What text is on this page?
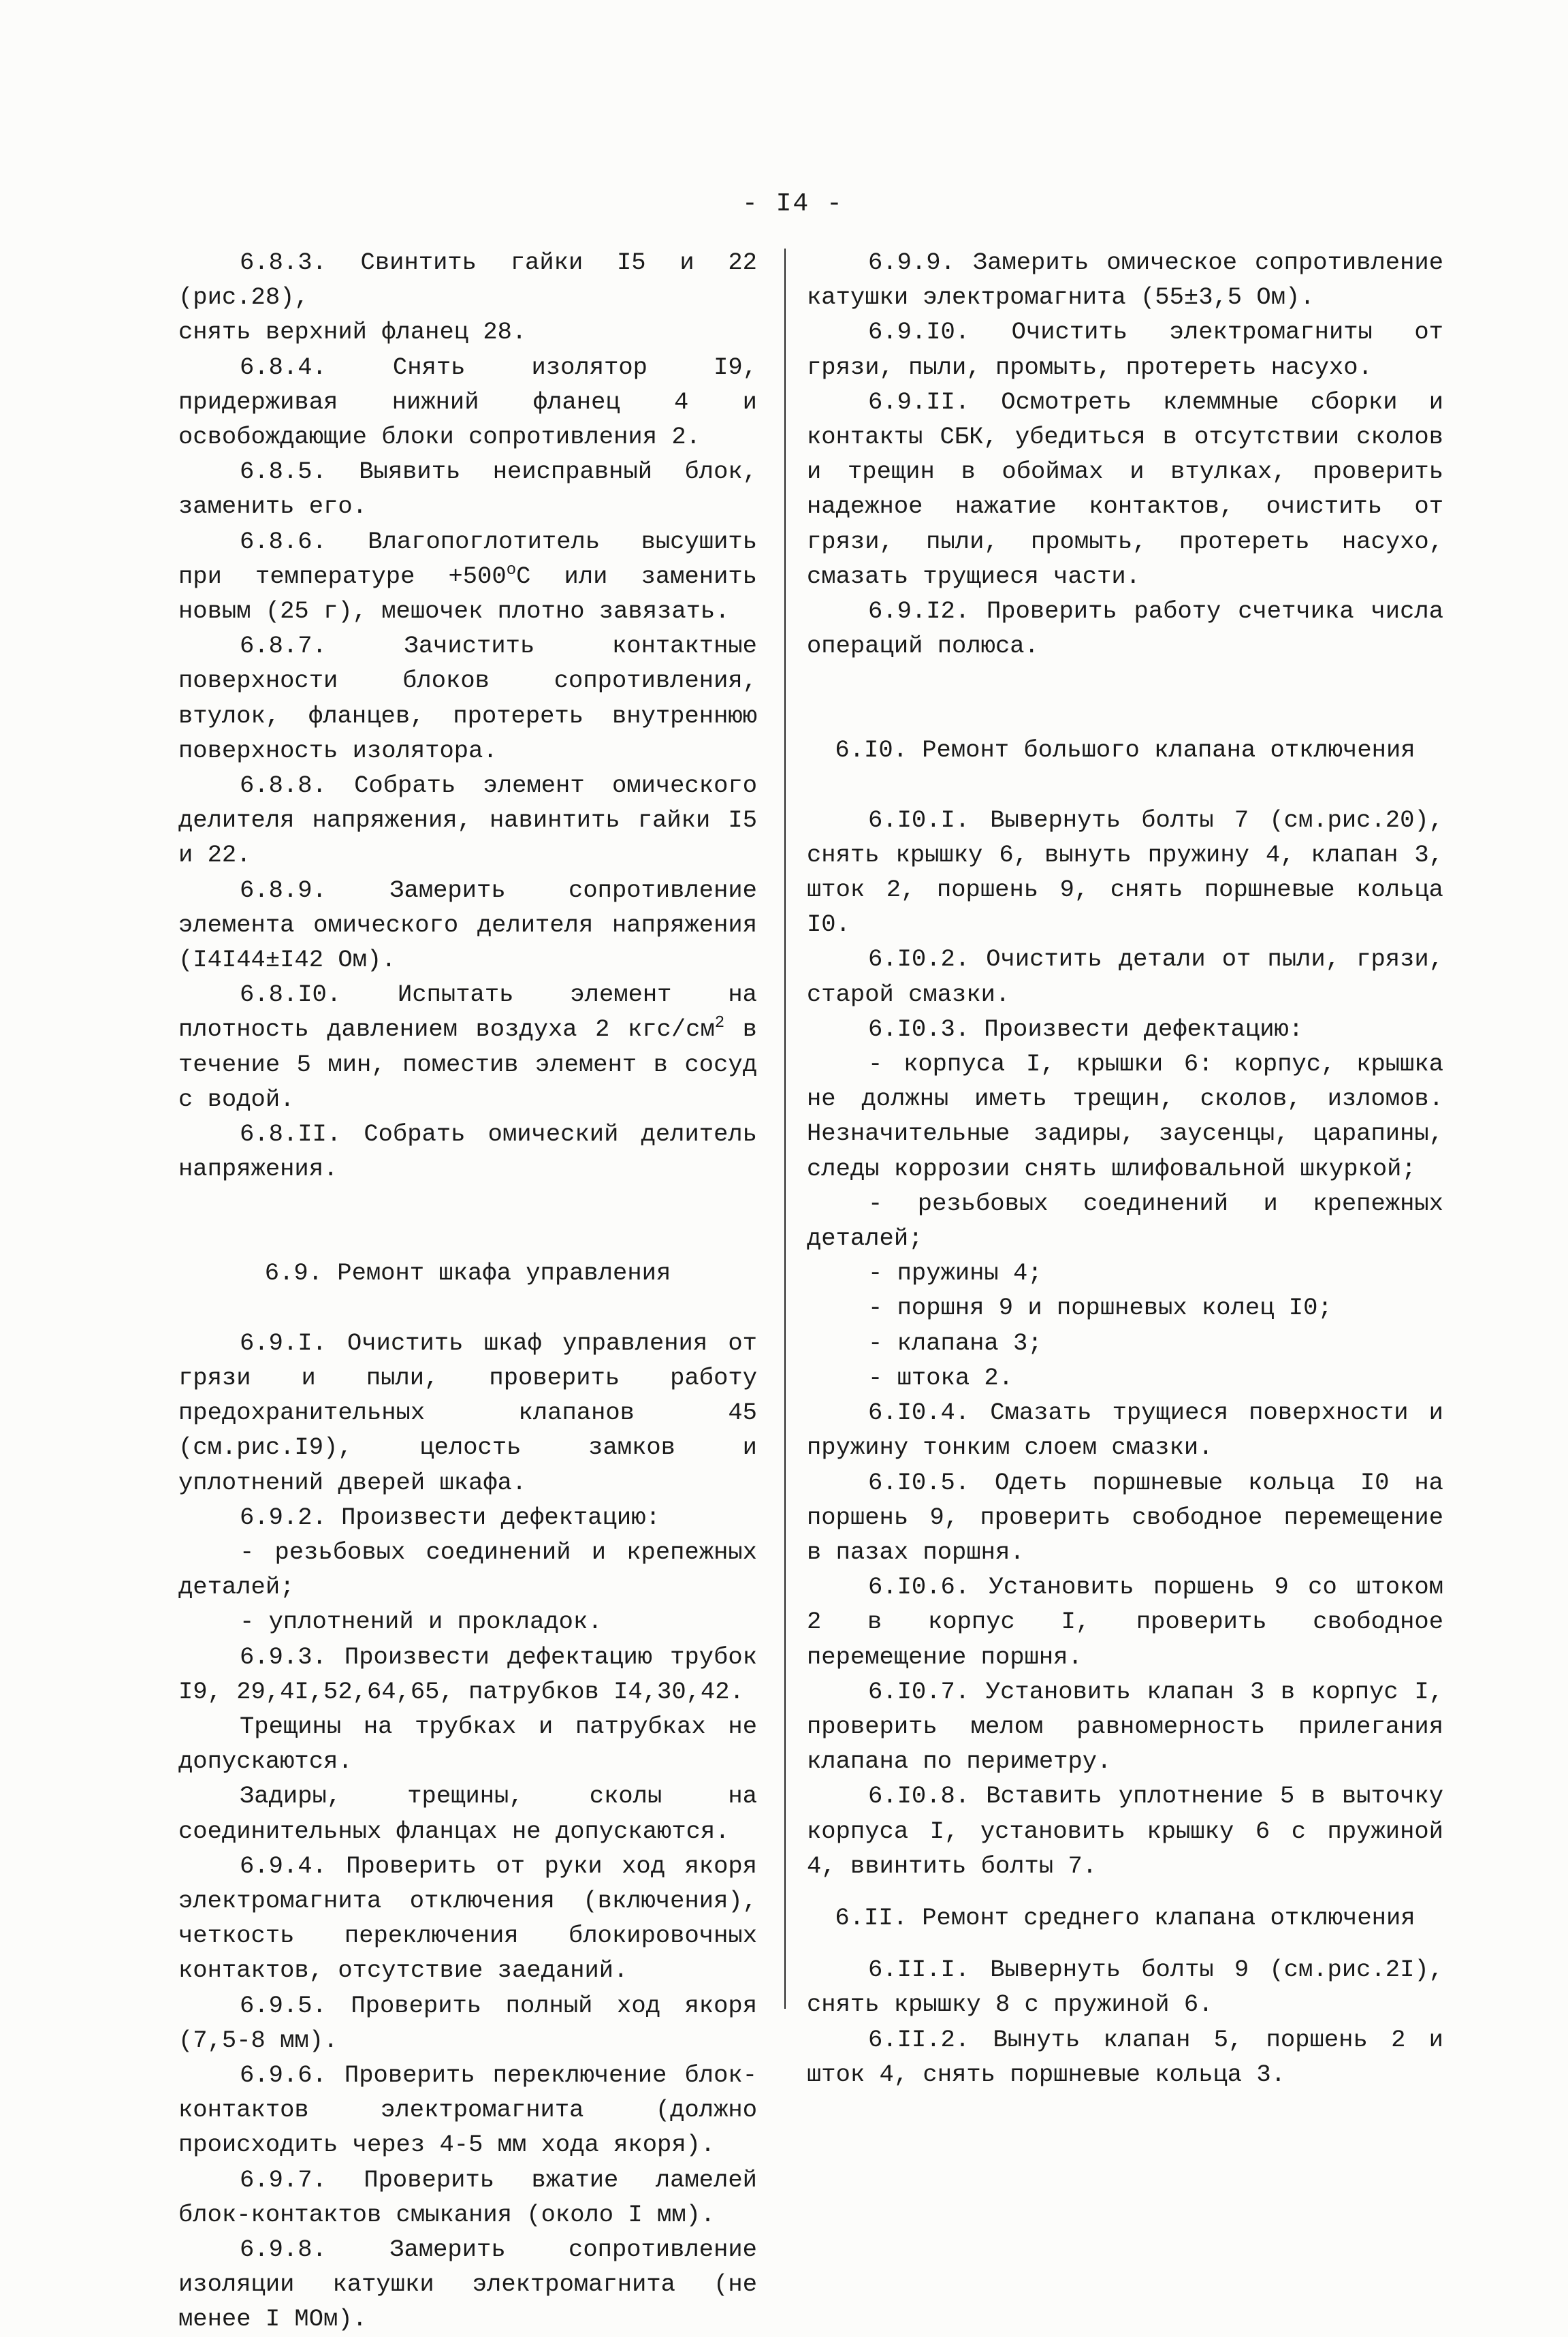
- I4 -

6.8.3. Свинтить гайки I5 и 22 (рис.28),

снять верхний фланец 28.

6.8.4. Снять изолятор I9, придерживая нижний фланец 4 и освобождающие блоки сопротивления 2.

6.8.5. Выявить неисправный блок, заменить его.

6.8.6. Влагопоглотитель высушить при температуре $+500^oС$ или заменить новым (25 г), мешочек плотно завязать.

6.8.7. Зачистить контактные поверхности блоков сопротивления, втулок, фланцев, протереть внутреннюю поверхность изолятора.

6.8.8. Собрать элемент омического делителя напряжения, навинтить гайки I5 и 22.

6.8.9. Замерить сопротивление элемента омического делителя напряжения (I4I44±I42 Ом).

6.8.I0. Испытать элемент на плотность давлением воздуха 2 кгс/$см^2$ в течение 5 мин, поместив элемент в сосуд с водой.

6.8.II. Собрать омический делитель напряжения.

6.9. Ремонт шкафа управления

6.9.I. Очистить шкаф управления от грязи и пыли, проверить работу предохранительных клапанов 45 (см.рис.I9), целость замков и уплотнений дверей шкафа.

6.9.2. Произвести дефектацию:

- резьбовых соединений и крепежных деталей;

- уплотнений и прокладок.

6.9.3. Произвести дефектацию трубок I9, 29,4I,52,64,65, патрубков I4,30,42.

Трещины на трубках и патрубках не допускаются.

Задиры, трещины, сколы на соединительных фланцах не допускаются.

6.9.4. Проверить от руки ход якоря электромагнита отключения (включения), четкость переключения блокировочных контактов, отсутствие заеданий.

6.9.5. Проверить полный ход якоря (7,5-8 мм).

6.9.6. Проверить переключение блок-контактов электромагнита (должно происходить через 4-5 мм хода якоря).

6.9.7. Проверить вжатие ламелей блок-контактов смыкания (около I мм).

6.9.8. Замерить сопротивление изоляции катушки электромагнита (не менее I МОм).

6.9.9. Замерить омическое сопротивление катушки электромагнита (55±3,5 Ом).

6.9.I0. Очистить электромагниты от грязи, пыли, промыть, протереть насухо.

6.9.II. Осмотреть клеммные сборки и контакты СБК, убедиться в отсутствии сколов и трещин в обоймах и втулках, проверить надежное нажатие контактов, очистить от грязи, пыли, промыть, протереть насухо, смазать трущиеся части.

6.9.I2. Проверить работу счетчика числа операций полюса.

6.I0. Ремонт большого клапана отключения

6.I0.I. Вывернуть болты 7 (см.рис.20), снять крышку 6, вынуть пружину 4, клапан 3, шток 2, поршень 9, снять поршневые кольца I0.

6.I0.2. Очистить детали от пыли, грязи, старой смазки.

6.I0.3. Произвести дефектацию:

- корпуса I, крышки 6: корпус, крышка не должны иметь трещин, сколов, изломов. Незначительные задиры, заусенцы, царапины, следы коррозии снять шлифовальной шкуркой;

- резьбовых соединений и крепежных деталей;

- пружины 4;

- поршня 9 и поршневых колец I0;

- клапана 3;

- штока 2.

6.I0.4. Смазать трущиеся поверхности и пружину тонким слоем смазки.

6.I0.5. Одеть поршневые кольца I0 на поршень 9, проверить свободное перемещение в пазах поршня.

6.I0.6. Установить поршень 9 со штоком 2 в корпус I, проверить свободное перемещение поршня.

6.I0.7. Установить клапан 3 в корпус I, проверить мелом равномерность прилегания клапана по периметру.

6.I0.8. Вставить уплотнение 5 в выточку корпуса I, установить крышку 6 с пружиной 4, ввинтить болты 7.

6.II. Ремонт среднего клапана отключения

6.II.I. Вывернуть болты 9 (см.рис.2I), снять крышку 8 с пружиной 6.

6.II.2. Вынуть клапан 5, поршень 2 и шток 4, снять поршневые кольца 3.
